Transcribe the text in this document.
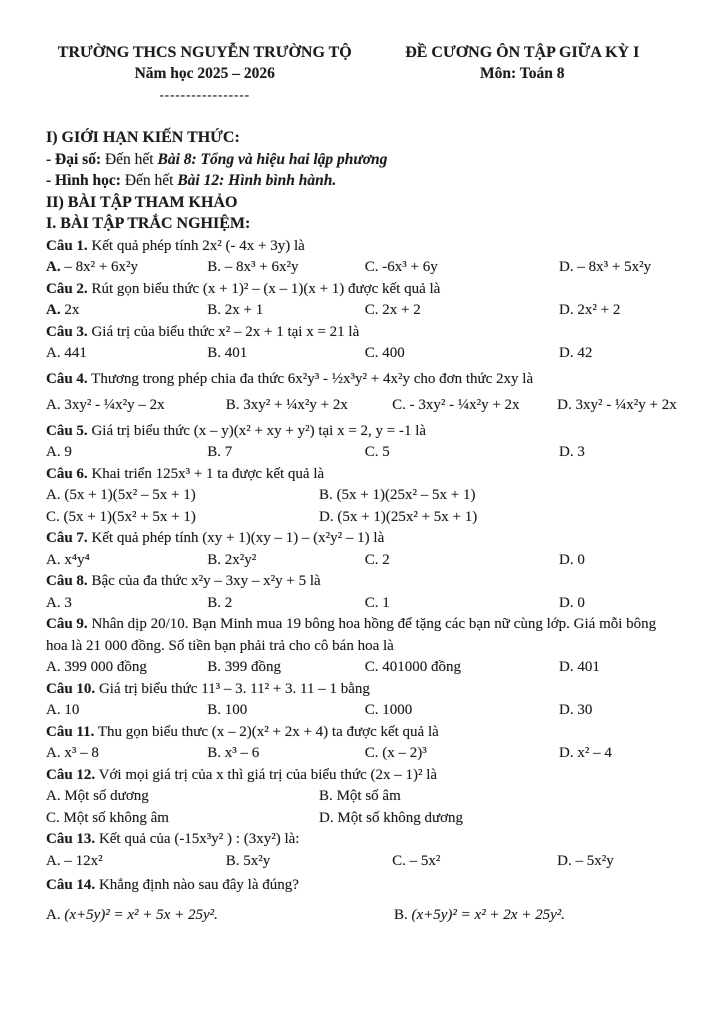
TRƯỜNG THCS NGUYỄN TRƯỜNG TỘ
Năm học 2025 – 2026
-----------------
ĐỀ CƯƠNG ÔN TẬP GIỮA KỲ I
Môn: Toán 8

I) GIỚI HẠN KIẾN THỨC:

- Đại số: Đến hết Bài 8: Tổng và hiệu hai lập phương

- Hình học: Đến hết Bài 12: Hình bình hành.

II) BÀI TẬP THAM KHẢO

I. BÀI TẬP TRẮC NGHIỆM:

Câu 1. Kết quả phép tính 2x² (- 4x + 3y) là

A. – 8x² + 6x²y	B. – 8x³ + 6x²y	C. -6x³ + 6y	D. – 8x³ + 5x²y

Câu 2. Rút gọn biểu thức (x + 1)² – (x – 1)(x + 1) được kết quả là

A. 2x	B. 2x + 1	C. 2x + 2	D. 2x² + 2

Câu 3. Giá trị của biểu thức x² – 2x + 1 tại x = 21 là

A. 441	B. 401	C. 400	D. 42

Câu 4. Thương trong phép chia đa thức 6x²y³ - ½x³y² + 4x²y cho đơn thức 2xy là

A. 3xy² - ¼x²y – 2x	B. 3xy² + ¼x²y + 2x	C. - 3xy² - ¼x²y + 2x	D. 3xy² - ¼x²y + 2x

Câu 5. Giá trị biểu thức (x – y)(x² + xy + y²) tại x = 2, y = -1 là

A. 9	B. 7	C. 5	D. 3

Câu 6. Khai triển 125x³ + 1 ta được kết quả là

A. (5x + 1)(5x² – 5x + 1)	B. (5x + 1)(25x² – 5x + 1)
C. (5x + 1)(5x² + 5x + 1)	D. (5x + 1)(25x² + 5x + 1)

Câu 7. Kết quả phép tính (xy + 1)(xy – 1) – (x²y² – 1) là

A. x⁴y⁴	B. 2x²y²	C. 2	D. 0

Câu 8. Bậc của đa thức x²y – 3xy – x²y + 5 là

A. 3	B. 2	C. 1	D. 0

Câu 9. Nhân dịp 20/10. Bạn Minh mua 19 bông hoa hồng để tặng các bạn nữ cùng lớp. Giá mỗi bông hoa là 21 000 đồng. Số tiền bạn phải trả cho cô bán hoa là

A. 399 000 đồng	B. 399 đồng	C. 401000 đồng	D. 401

Câu 10. Giá trị biểu thức 11³ – 3. 11² + 3. 11 – 1 bằng

A. 10	B. 100	C. 1000	D. 30

Câu 11. Thu gọn biểu thưc (x – 2)(x² + 2x + 4) ta được kết quả là

A. x³ – 8	B. x³ – 6	C. (x – 2)³	D. x² – 4

Câu 12. Với mọi giá trị của x thì giá trị của biểu thức (2x – 1)² là

A. Một số dương	B. Một số âm
C. Một số không âm	D. Một số không dương

Câu 13. Kết quả của (-15x³y² ) : (3xy²) là:

A. – 12x²	B. 5x²y	C. – 5x²	D. – 5x²y

Câu 14. Khẳng định nào sau đây là đúng?

A. (x+5y)² = x² + 5x + 25y².	B. (x+5y)² = x² + 2x + 25y².
